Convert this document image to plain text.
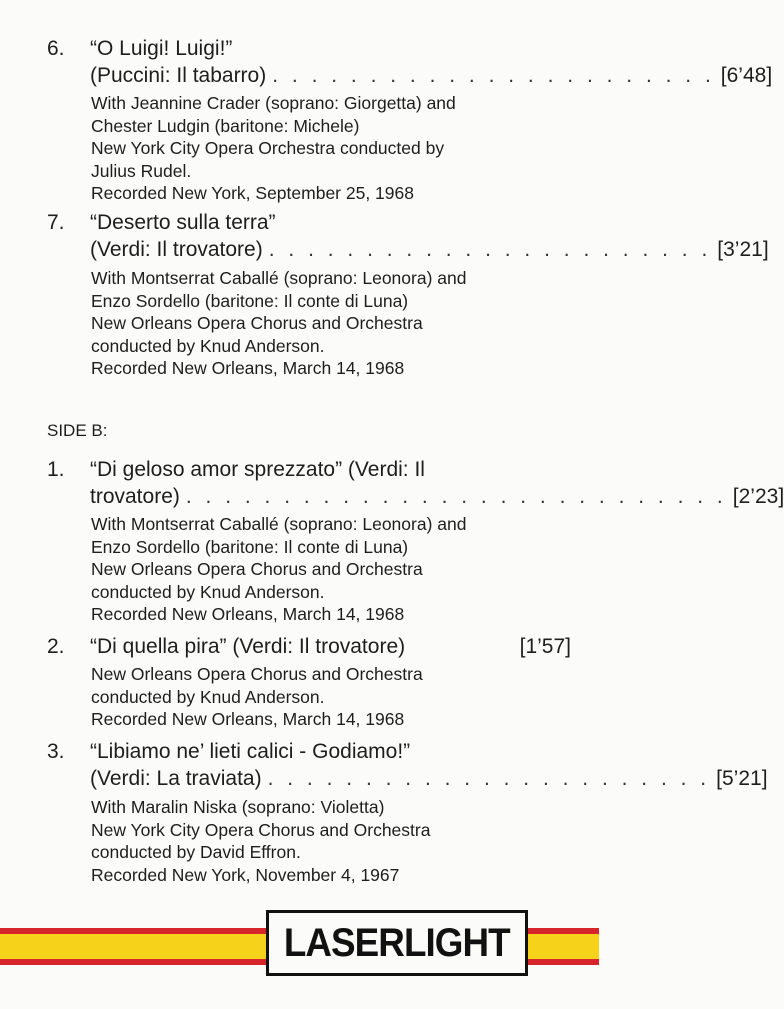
6. “O Luigi! Luigi!”
(Puccini: Il tabarro) . . . . . . . . . . . . . . . . . . . . . . . [6’48]
With Jeannine Crader (soprano: Giorgetta) and
Chester Ludgin (baritone: Michele)
New York City Opera Orchestra conducted by
Julius Rudel.
Recorded New York, September 25, 1968
7. “Deserto sulla terra”
(Verdi: Il trovatore) . . . . . . . . . . . . . . . . . . . . . . . [3’21]
With Montserrat Caballé (soprano: Leonora) and
Enzo Sordello (baritone: Il conte di Luna)
New Orleans Opera Chorus and Orchestra
conducted by Knud Anderson.
Recorded New Orleans, March 14, 1968
SIDE B:
1. “Di geloso amor sprezzato” (Verdi: Il
trovatore) . . . . . . . . . . . . . . . . . . . . . . . . . . . . [2’23]
With Montserrat Caballé (soprano: Leonora) and
Enzo Sordello (baritone: Il conte di Luna)
New Orleans Opera Chorus and Orchestra
conducted by Knud Anderson.
Recorded New Orleans, March 14, 1968
2. “Di quella pira” (Verdi: Il trovatore)	[1’57]
New Orleans Opera Chorus and Orchestra
conducted by Knud Anderson.
Recorded New Orleans, March 14, 1968
3. “Libiamo ne’ lieti calici - Godiamo!”
(Verdi: La traviata) . . . . . . . . . . . . . . . . . . . . . . . [5’21]
With Maralin Niska (soprano: Violetta)
New York City Opera Chorus and Orchestra
conducted by David Effron.
Recorded New York, November 4, 1967
LASERLIGHT
